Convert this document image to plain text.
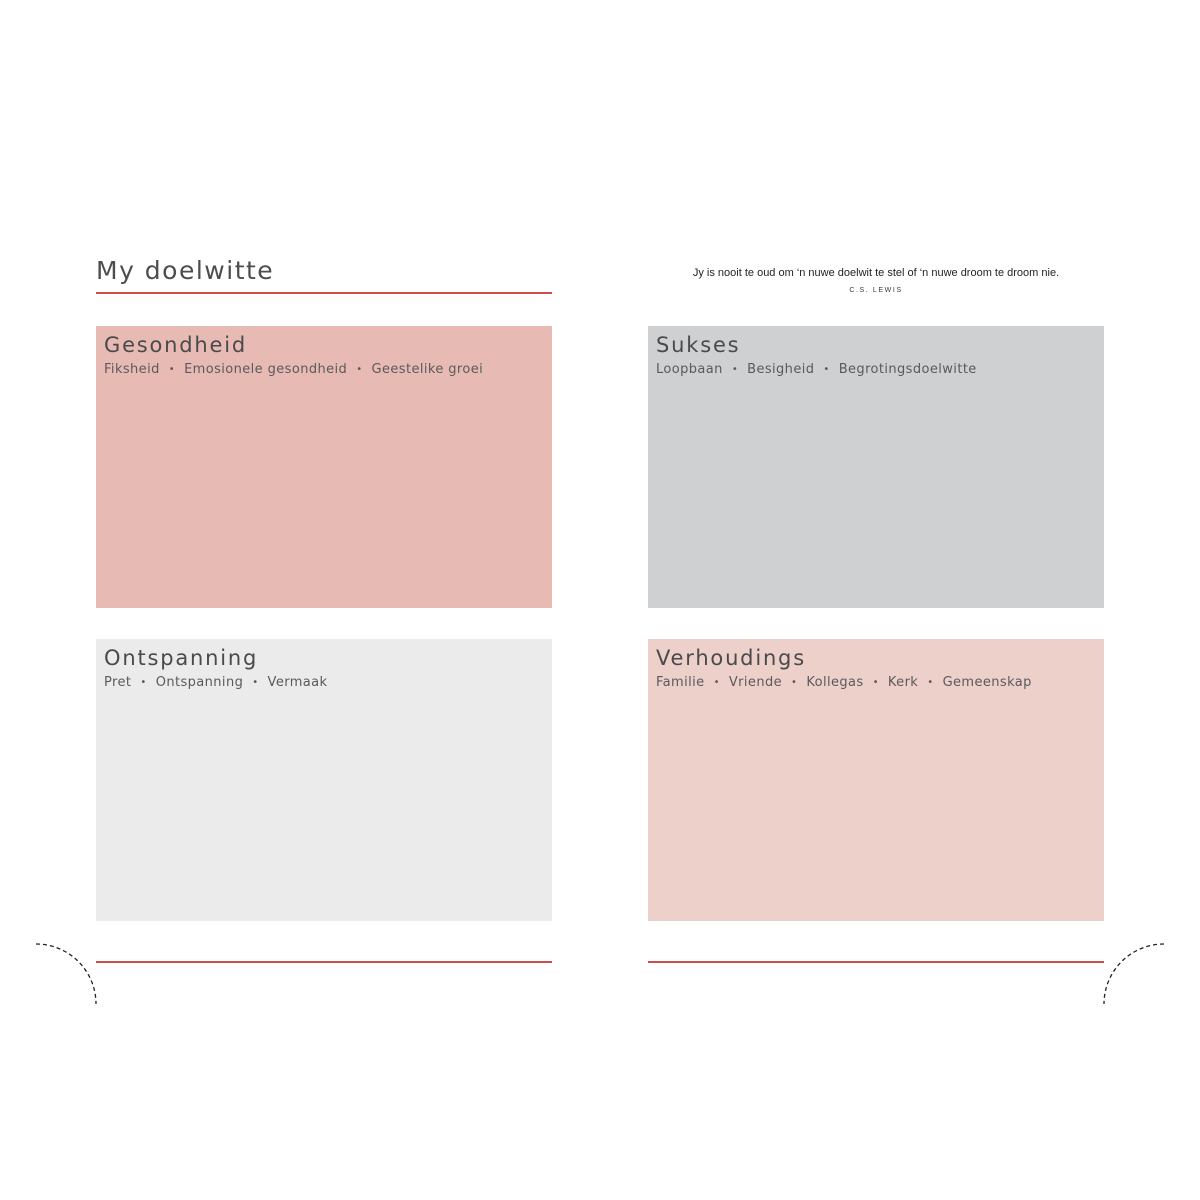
My doelwitte	Jy is nooit te oud om ‘n nuwe doelwit te stel of ‘n nuwe droom te droom nie.
C.S. LEWIS
Gesondheid
Fiksheid • Emosionele gesondheid • Geestelike groei
Sukses
Loopbaan • Besigheid • Begrotingsdoelwitte
Ontspanning
Pret • Ontspanning • Vermaak
Verhoudings
Familie • Vriende • Kollegas • Kerk • Gemeenskap
